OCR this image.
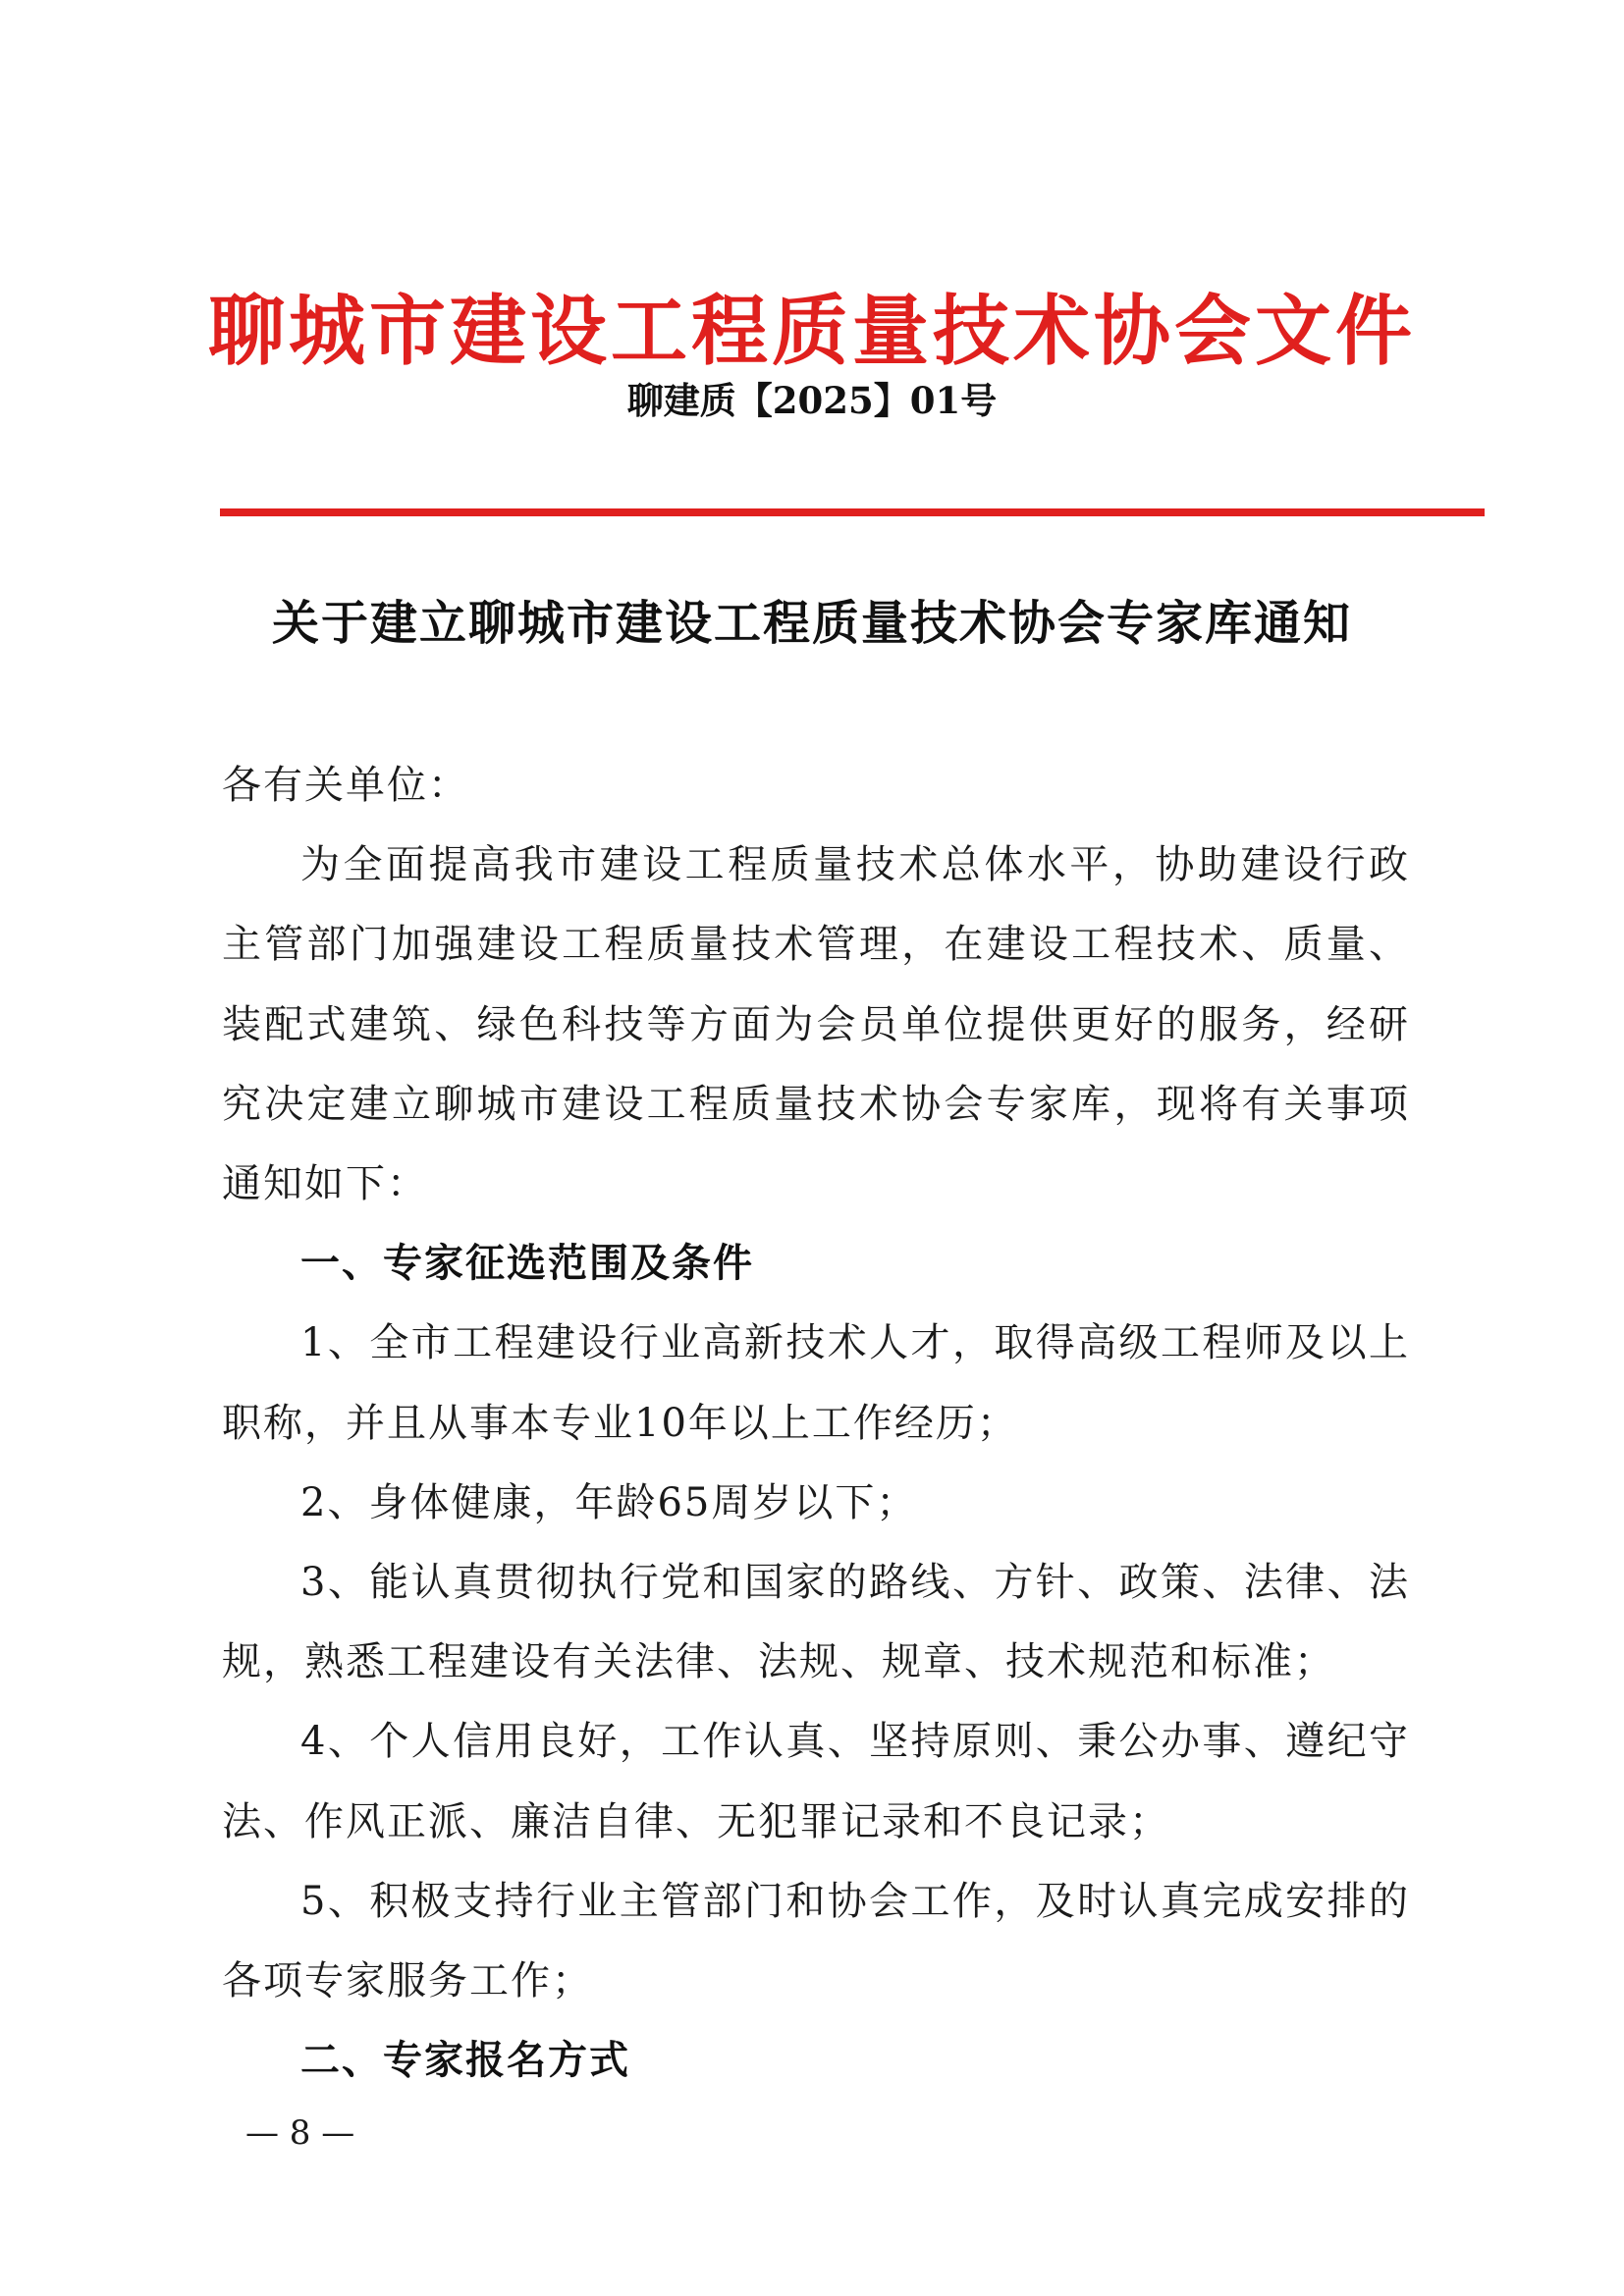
聊城市建设工程质量技术协会文件
聊建质【2025】01号
关于建立聊城市建设工程质量技术协会专家库通知

各有关单位：

为全面提高我市建设工程质量技术总体水平，协助建设行政主管部门加强建设工程质量技术管理，在建设工程技术、质量、装配式建筑、绿色科技等方面为会员单位提供更好的服务，经研究决定建立聊城市建设工程质量技术协会专家库，现将有关事项通知如下：

一、专家征选范围及条件

1、全市工程建设行业高新技术人才，取得高级工程师及以上职称，并且从事本专业10年以上工作经历；

2、身体健康，年龄65周岁以下；

3、能认真贯彻执行党和国家的路线、方针、政策、法律、法规，熟悉工程建设有关法律、法规、规章、技术规范和标准；

4、个人信用良好，工作认真、坚持原则、秉公办事、遵纪守法、作风正派、廉洁自律、无犯罪记录和不良记录；

5、积极支持行业主管部门和协会工作，及时认真完成安排的各项专家服务工作；

二、专家报名方式

— 8 —
